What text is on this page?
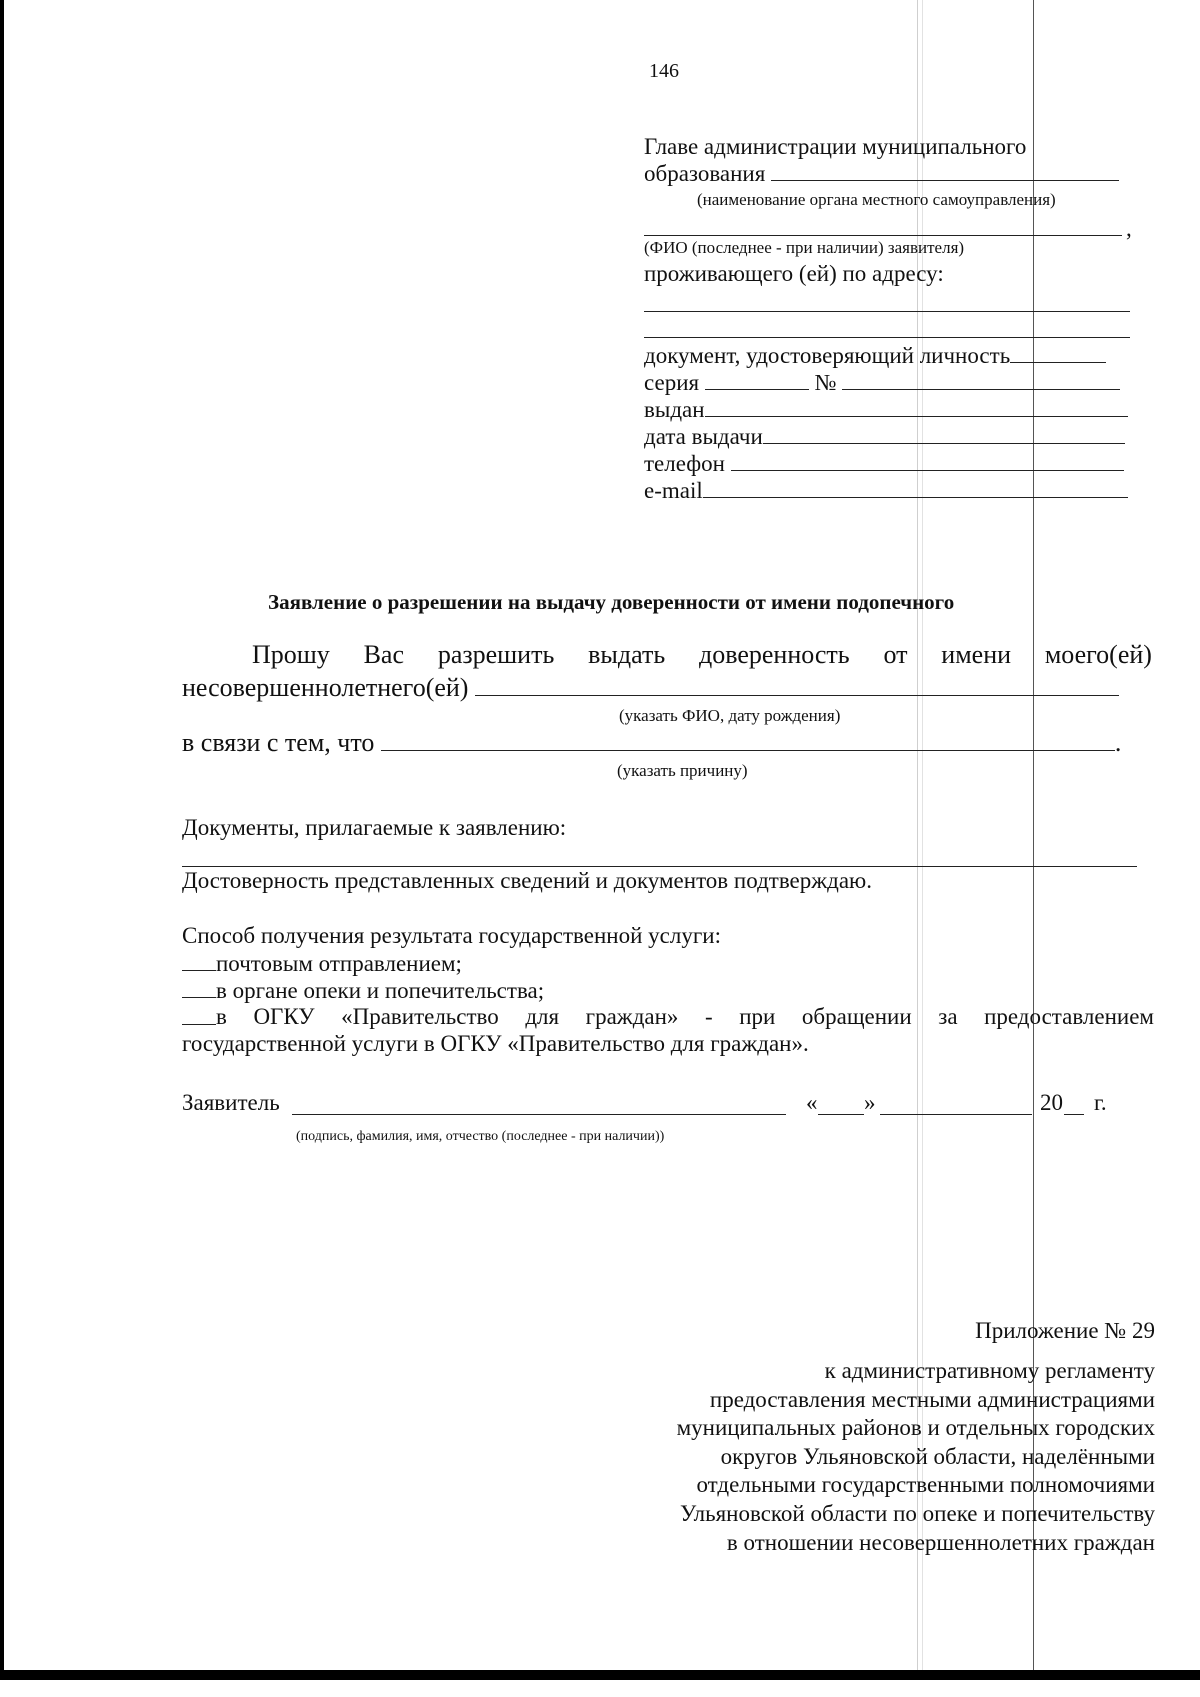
146
Главе администрации муниципального
образования
(наименование органа местного самоуправления)
,
(ФИО (последнее - при наличии) заявителя)
проживающего (ей) по адресу:
документ, удостоверяющий личность
серия	№
выдан
дата выдачи
телефон
e-mail
Заявление о разрешении на выдачу доверенности от имени подопечного
Прошу Вас разрешить выдать доверенность от имени моего(ей)
несовершеннолетнего(ей)
(указать ФИО, дату рождения)
в связи с тем, что	.
(указать причину)
Документы, прилагаемые к заявлению:
Достоверность представленных сведений и документов подтверждаю.
Способ получения результата государственной услуги:
почтовым отправлением;
в органе опеки и попечительства;
в ОГКУ «Правительство для граждан» - при обращении за предоставлением
государственной услуги в ОГКУ «Правительство для граждан».
Заявитель	« »	20 г.
(подпись, фамилия, имя, отчество (последнее - при наличии))
Приложение № 29
к административному регламенту
предоставления местными администрациями
муниципальных районов и отдельных городских
округов Ульяновской области, наделёнными
отдельными государственными полномочиями
Ульяновской области по опеке и попечительству
в отношении несовершеннолетних граждан
